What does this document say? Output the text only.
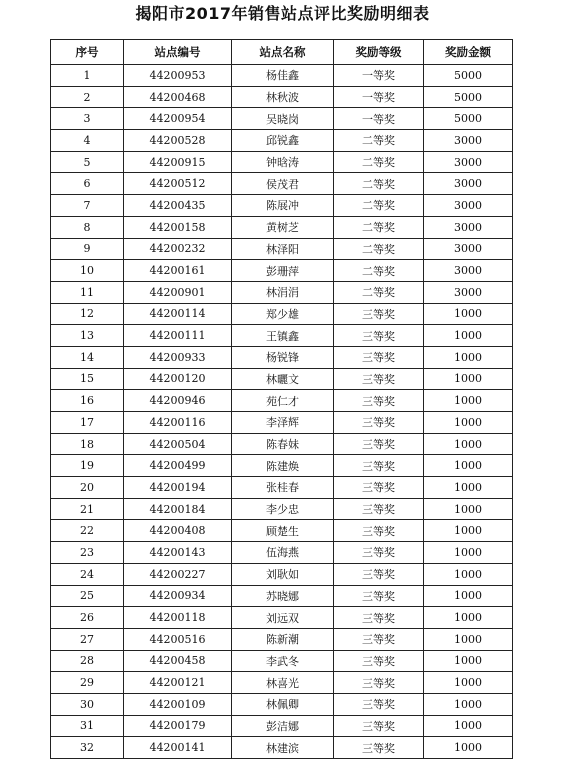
揭阳市2017年销售站点评比奖励明细表
序号	站点编号	站点名称	奖励等级	奖励金额
1	44200953	杨佳鑫	一等奖	5000
2	44200468	林秋波	一等奖	5000
3	44200954	吴晓岗	一等奖	5000
4	44200528	邱锐鑫	二等奖	3000
5	44200915	钟晗涛	二等奖	3000
6	44200512	侯茂君	二等奖	3000
7	44200435	陈展冲	二等奖	3000
8	44200158	黄树芝	二等奖	3000
9	44200232	林泽阳	二等奖	3000
10	44200161	彭珊萍	二等奖	3000
11	44200901	林涓涓	二等奖	3000
12	44200114	郑少雄	三等奖	1000
13	44200111	王镇鑫	三等奖	1000
14	44200933	杨锐锋	三等奖	1000
15	44200120	林曬文	三等奖	1000
16	44200946	苑仁才	三等奖	1000
17	44200116	李泽辉	三等奖	1000
18	44200504	陈春妹	三等奖	1000
19	44200499	陈建焕	三等奖	1000
20	44200194	张桂春	三等奖	1000
21	44200184	李少忠	三等奖	1000
22	44200408	顾楚生	三等奖	1000
23	44200143	伍海燕	三等奖	1000
24	44200227	刘耿如	三等奖	1000
25	44200934	苏晓娜	三等奖	1000
26	44200118	刘远双	三等奖	1000
27	44200516	陈新潮	三等奖	1000
28	44200458	李武冬	三等奖	1000
29	44200121	林喜光	三等奖	1000
30	44200109	林佩卿	三等奖	1000
31	44200179	彭洁娜	三等奖	1000
32	44200141	林建滨	三等奖	1000
